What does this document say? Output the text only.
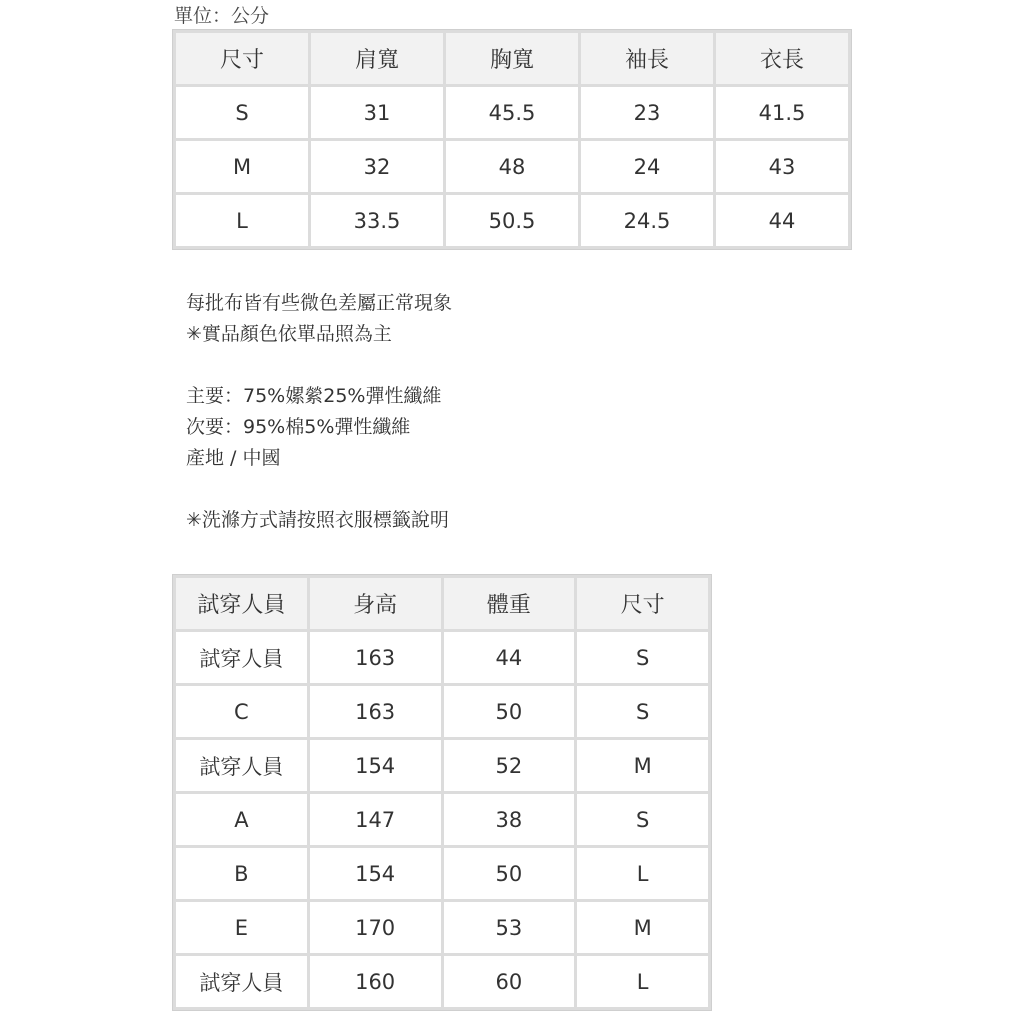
單位：公分
尺寸	肩寬	胸寬	袖長	衣長
S	31	45.5	23	41.5
M	32	48	24	43
L	33.5	50.5	24.5	44
每批布皆有些微色差屬正常現象
✳實品顏色依單品照為主
主要：75%嫘縈25%彈性纖維
次要：95%棉5%彈性纖維
產地 / 中國
✳洗滌方式請按照衣服標籤說明
試穿人員	身高	體重	尺寸
試穿人員	163	44	S
C	163	50	S
試穿人員	154	52	M
A	147	38	S
B	154	50	L
E	170	53	M
試穿人員	160	60	L
